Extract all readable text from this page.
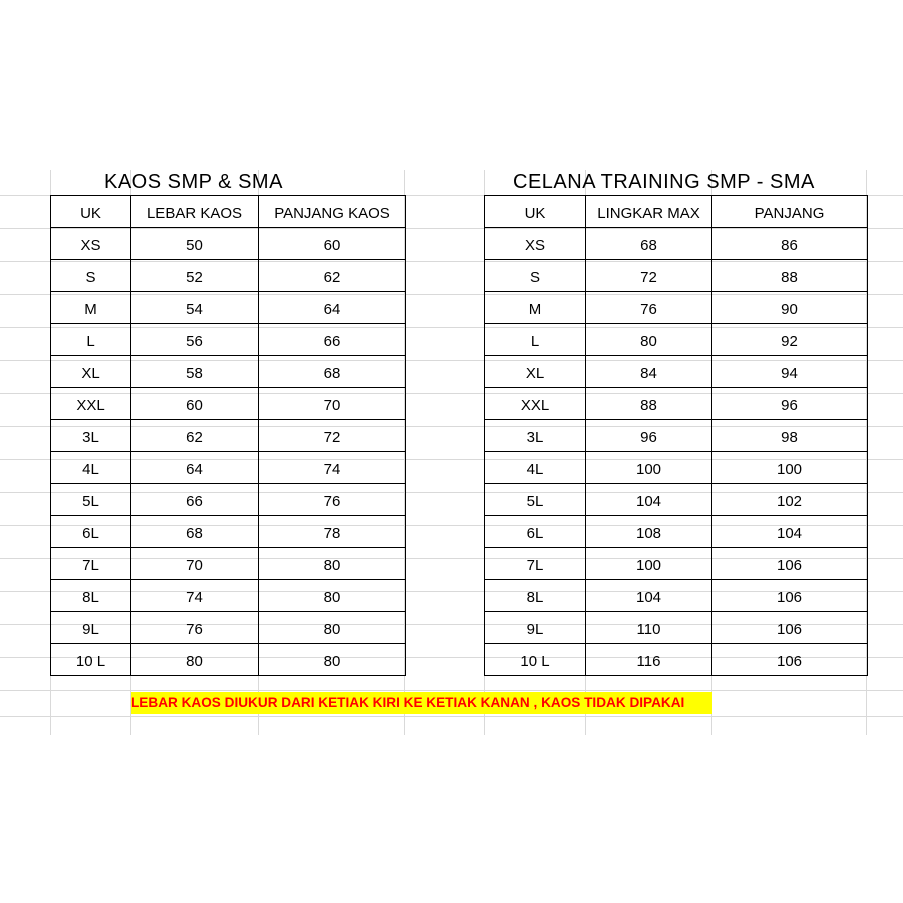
KAOS SMP & SMA
UK	LEBAR KAOS	PANJANG KAOS
XS	50	60
S	52	62
M	54	64
L	56	66
XL	58	68
XXL	60	70
3L	62	72
4L	64	74
5L	66	76
6L	68	78
7L	70	80
8L	74	80
9L	76	80
10 L	80	80
CELANA TRAINING SMP - SMA
UK	LINGKAR MAX	PANJANG
XS	68	86
S	72	88
M	76	90
L	80	92
XL	84	94
XXL	88	96
3L	96	98
4L	100	100
5L	104	102
6L	108	104
7L	100	106
8L	104	106
9L	110	106
10 L	116	106
LEBAR KAOS DIUKUR DARI KETIAK KIRI KE KETIAK KANAN , KAOS TIDAK DIPAKAI
